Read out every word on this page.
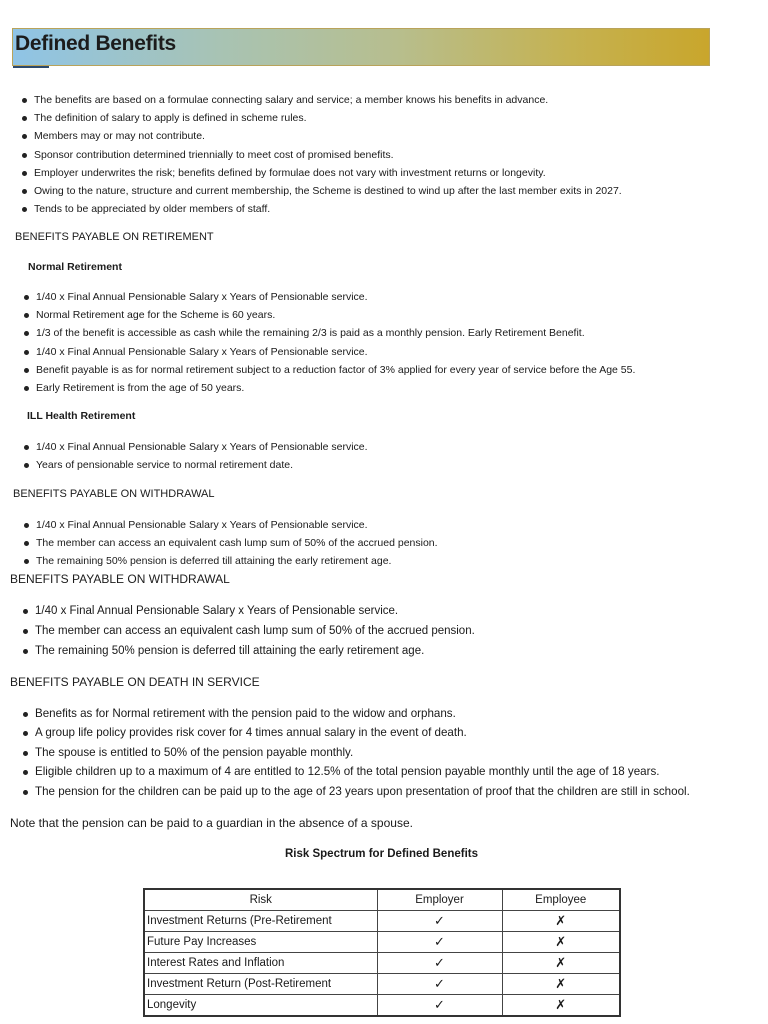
Defined Benefits
The benefits are based on a formulae connecting salary and service; a member knows his benefits in advance.
The definition of salary to apply is defined in scheme rules.
Members may or may not contribute.
Sponsor contribution determined triennially to meet cost of promised benefits.
Employer underwrites the risk; benefits defined by formulae does not vary with investment returns or longevity.
Owing to the nature, structure and current membership, the Scheme is destined to wind up after the last member exits in 2027.
Tends to be appreciated by older members of staff.
BENEFITS PAYABLE ON RETIREMENT
Normal Retirement
1/40 x Final Annual Pensionable Salary x Years of Pensionable service.
Normal Retirement age for the Scheme is 60 years.
1/3 of the benefit is accessible as cash while the remaining 2/3 is paid as a monthly pension. Early Retirement Benefit.
1/40 x Final Annual Pensionable Salary x Years of Pensionable service.
Benefit payable is as for normal retirement subject to a reduction factor of 3% applied for every year of service before the Age 55.
Early Retirement is from the age of 50 years.
ILL Health Retirement
1/40 x Final Annual Pensionable Salary x Years of Pensionable service.
Years of pensionable service to normal retirement date.
BENEFITS PAYABLE ON WITHDRAWAL
1/40 x Final Annual Pensionable Salary x Years of Pensionable service.
The member can access an equivalent cash lump sum of 50% of the accrued pension.
The remaining 50% pension is deferred till attaining the early retirement age.
BENEFITS PAYABLE ON WITHDRAWAL
1/40 x Final Annual Pensionable Salary x Years of Pensionable service.
The member can access an equivalent cash lump sum of 50% of the accrued pension.
The remaining 50% pension is deferred till attaining the early retirement age.
BENEFITS PAYABLE ON DEATH IN SERVICE
Benefits as for Normal retirement with the pension paid to the widow and orphans.
A group life policy provides risk cover for 4 times annual salary in the event of death.
The spouse is entitled to 50% of the pension payable monthly.
Eligible children up to a maximum of 4 are entitled to 12.5% of the total pension payable monthly until the age of 18 years.
The pension for the children can be paid up to the age of 23 years upon presentation of proof that the children are still in school.
Note that the pension can be paid to a guardian in the absence of a spouse.
Risk Spectrum for Defined Benefits
Risk	Employer	Employee
Investment Returns (Pre-Retirement	✓	✗
Future Pay Increases	✓	✗
Interest Rates and Inflation	✓	✗
Investment Return (Post-Retirement	✓	✗
Longevity	✓	✗
